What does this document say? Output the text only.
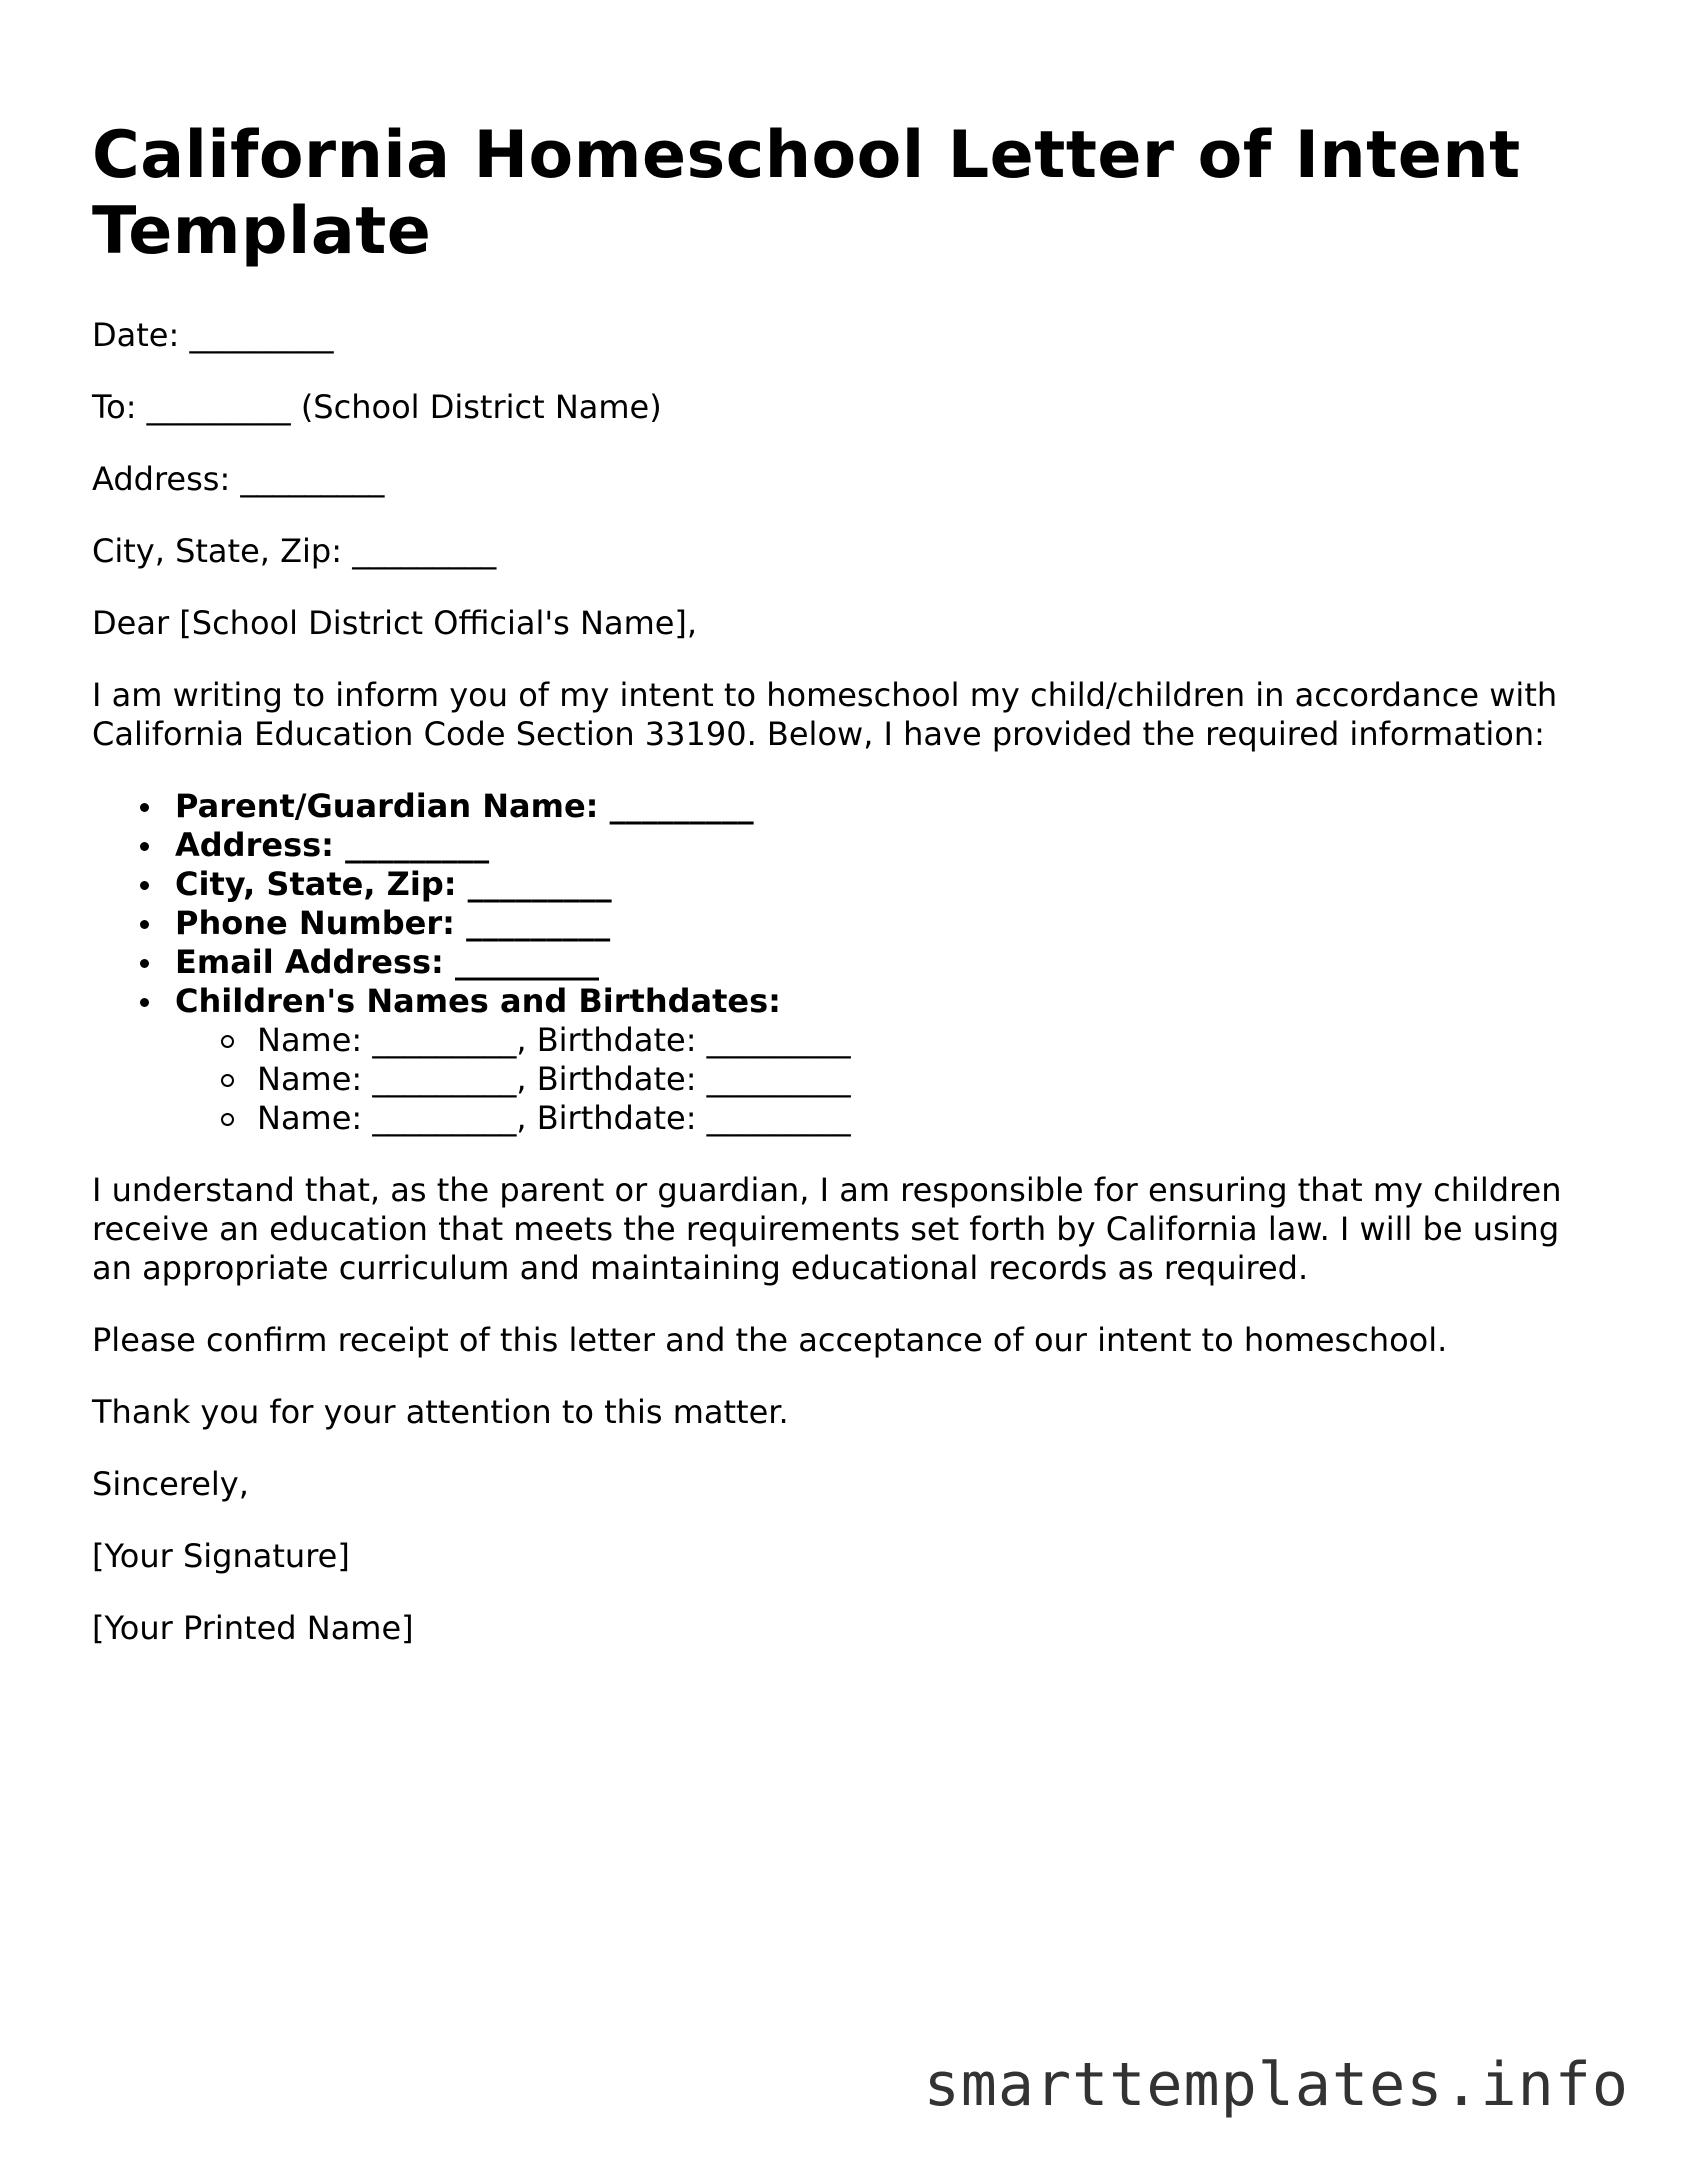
California Homeschool Letter of Intent Template

Date: _________

To: _________ (School District Name)

Address: _________

City, State, Zip: _________

Dear [School District Official's Name],

I am writing to inform you of my intent to homeschool my child/children in accordance with California Education Code Section 33190. Below, I have provided the required information:

Parent/Guardian Name: _________
Address: _________
City, State, Zip: _________
Phone Number: _________
Email Address: _________
Children's Names and Birthdates:
Name: _________, Birthdate: _________
Name: _________, Birthdate: _________
Name: _________, Birthdate: _________

I understand that, as the parent or guardian, I am responsible for ensuring that my children receive an education that meets the requirements set forth by California law. I will be using an appropriate curriculum and maintaining educational records as required.

Please confirm receipt of this letter and the acceptance of our intent to homeschool.

Thank you for your attention to this matter.

Sincerely,

[Your Signature]

[Your Printed Name]

smarttemplates.info
